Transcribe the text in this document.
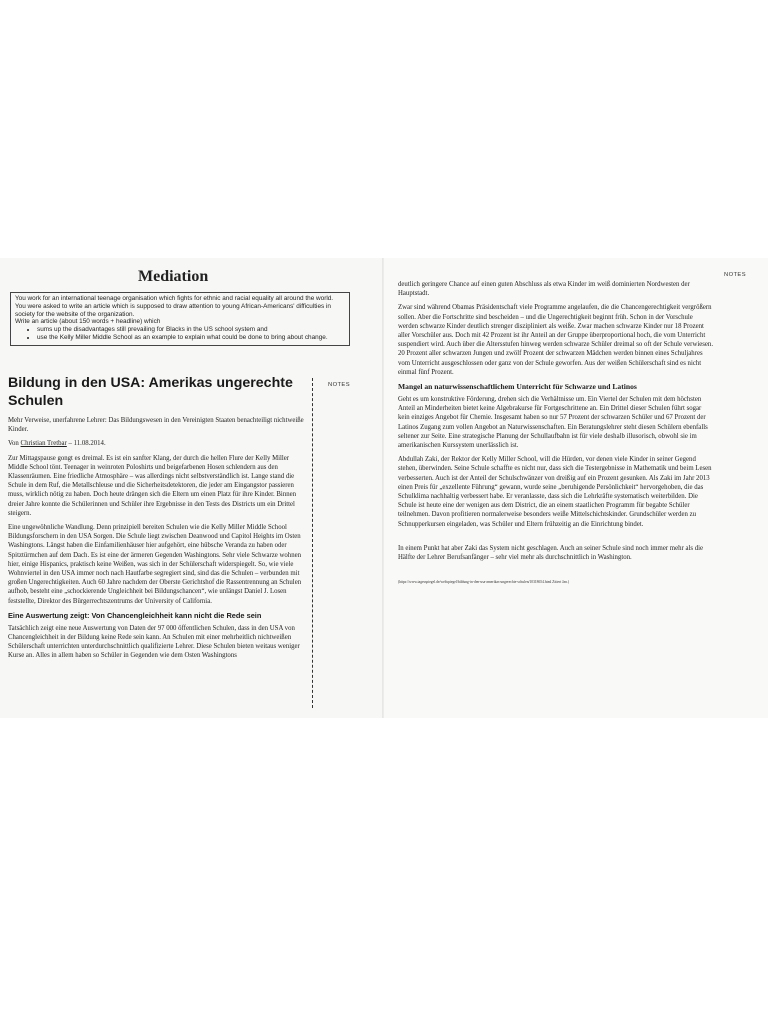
Mediation
You work for an international teenage organisation which fights for ethnic and racial equality all around the world. You were asked to write an article which is supposed to draw attention to young African-Americans' difficulties in society for the website of the organization.
Write an article (about 150 words + headline) which
• sums up the disadvantages still prevailing for Blacks in the US school system and
• use the Kelly Miller Middle School as an example to explain what could be done to bring about change.
NOTES
Bildung in den USA: Amerikas ungerechte Schulen

Mehr Verweise, unerfahrene Lehrer: Das Bildungswesen in den Vereinigten Staaten benachteiligt nichtweiße Kinder.

Von Christian Tretbar – 11.08.2014.

Zur Mittagspause gongt es dreimal. Es ist ein sanfter Klang, der durch die hellen Flure der Kelly Miller Middle School tönt. Teenager in weinroten Poloshirts und beigefarbenen Hosen schlendern aus den Klassenräumen. Eine friedliche Atmosphäre – was allerdings nicht selbstverständlich ist. Lange stand die Schule in dem Ruf, die Metallschleuse und die Sicherheitsdetektoren, die jeder am Eingangstor passieren muss, wirklich nötig zu haben. Doch heute drängen sich die Eltern um einen Platz für ihre Kinder. Binnen dreier Jahre konnte die Schülerinnen und Schüler ihre Ergebnisse in den Tests des Districts um ein Drittel steigern.

Eine ungewöhnliche Wandlung. Denn prinzipiell bereiten Schulen wie die Kelly Miller Middle School Bildungsforschern in den USA Sorgen. Die Schule liegt zwischen Deanwood und Capitol Heights im Osten Washingtons. Längst haben die Einfamilienhäuser hier aufgehört, eine hübsche Veranda zu haben oder Spitztürmchen auf dem Dach. Es ist eine der ärmeren Gegenden Washingtons. Sehr viele Schwarze wohnen hier, einige Hispanics, praktisch keine Weißen, was sich in der Schülerschaft widerspiegelt. So, wie viele Wohnviertel in den USA immer noch nach Hautfarbe segregiert sind, sind das die Schulen – verbunden mit großen Ungerechtigkeiten. Auch 60 Jahre nachdem der Oberste Gerichtshof die Rassentrennung an Schulen aufhob, besteht eine „schockierende Ungleichheit bei Bildungschancen“, wie unlängst Daniel J. Losen feststellte, Direktor des Bürgerrechtszentrums der University of California.

Eine Auswertung zeigt: Von Chancengleichheit kann nicht die Rede sein

Tatsächlich zeigt eine neue Auswertung von Daten der 97 000 öffentlichen Schulen, dass in den USA von Chancengleichheit in der Bildung keine Rede sein kann. An Schulen mit einer mehrheitlich nichtweißen Schülerschaft unterrichten unterdurchschnittlich qualifizierte Lehrer. Diese Schulen bieten weitaus weniger Kurse an. Alles in allem haben so Schüler in Gegenden wie dem Osten Washingtons

NOTES

deutlich geringere Chance auf einen guten Abschluss als etwa Kinder im weiß dominierten Nordwesten der Hauptstadt.

Zwar sind während Obamas Präsidentschaft viele Programme angelaufen, die die Chancengerechtigkeit vergrößern sollen. Aber die Fortschritte sind bescheiden – und die Ungerechtigkeit beginnt früh. Schon in der Vorschule werden schwarze Kinder deutlich strenger diszipliniert als weiße. Zwar machen schwarze Kinder nur 18 Prozent aller Vorschüler aus. Doch mit 42 Prozent ist ihr Anteil an der Gruppe überproportional hoch, die vom Unterricht suspendiert wird. Auch über die Altersstufen hinweg werden schwarze Schüler dreimal so oft der Schule verwiesen. 20 Prozent aller schwarzen Jungen und zwölf Prozent der schwarzen Mädchen werden binnen eines Schuljahres vom Unterricht ausgeschlossen oder ganz von der Schule geworfen. Aus der weißen Schülerschaft sind es nicht einmal fünf Prozent.

Mangel an naturwissenschaftlichem Unterricht für Schwarze und Latinos

Geht es um konstruktive Förderung, drehen sich die Verhältnisse um. Ein Viertel der Schulen mit dem höchsten Anteil an Minderheiten bietet keine Algebrakurse für Fortgeschrittene an. Ein Drittel dieser Schulen führt sogar kein einziges Angebot für Chemie. Insgesamt haben so nur 57 Prozent der schwarzen Schüler und 67 Prozent der Latinos Zugang zum vollen Angebot an Naturwissenschaften. Ein Beratungslehrer steht diesen Schülern ebenfalls seltener zur Seite. Eine strategische Planung der Schullaufbahn ist für viele deshalb illusorisch, obwohl sie im amerikanischen Kurssystem unerlässlich ist.

Abdullah Zaki, der Rektor der Kelly Miller School, will die Hürden, vor denen viele Kinder in seiner Gegend stehen, überwinden. Seine Schule schaffte es nicht nur, dass sich die Testergebnisse in Mathematik und beim Lesen verbesserten. Auch ist der Anteil der Schulschwänzer von dreißig auf ein Prozent gesunken. Als Zaki im Jahr 2013 einen Preis für „exzellente Führung“ gewann, wurde seine „beruhigende Persönlichkeit“ hervorgehoben, die das Schulklima nachhaltig verbessert habe. Er veranlasste, dass sich die Lehrkräfte systematisch weiterbilden. Die Schule ist heute eine der wenigen aus dem District, die an einem staatlichen Programm für begabte Schüler teilnehmen. Davon profitieren normalerweise besonders weiße Mittelschichtskinder. Grundschüler werden zu Schnupperkursen eingeladen, was Schüler und Eltern frühzeitig an die Einrichtung bindet.

In einem Punkt hat aber Zaki das System nicht geschlagen. Auch an seiner Schule sind noch immer mehr als die Hälfte der Lehrer Berufsanfänger – sehr viel mehr als durchschnittlich in Washington.

(https://www.tagesspiegel.de/weltspiegel/bildung-in-den-usa-amerikas-ungerechte-schulen/10318654.html Zitiert Jan.)
